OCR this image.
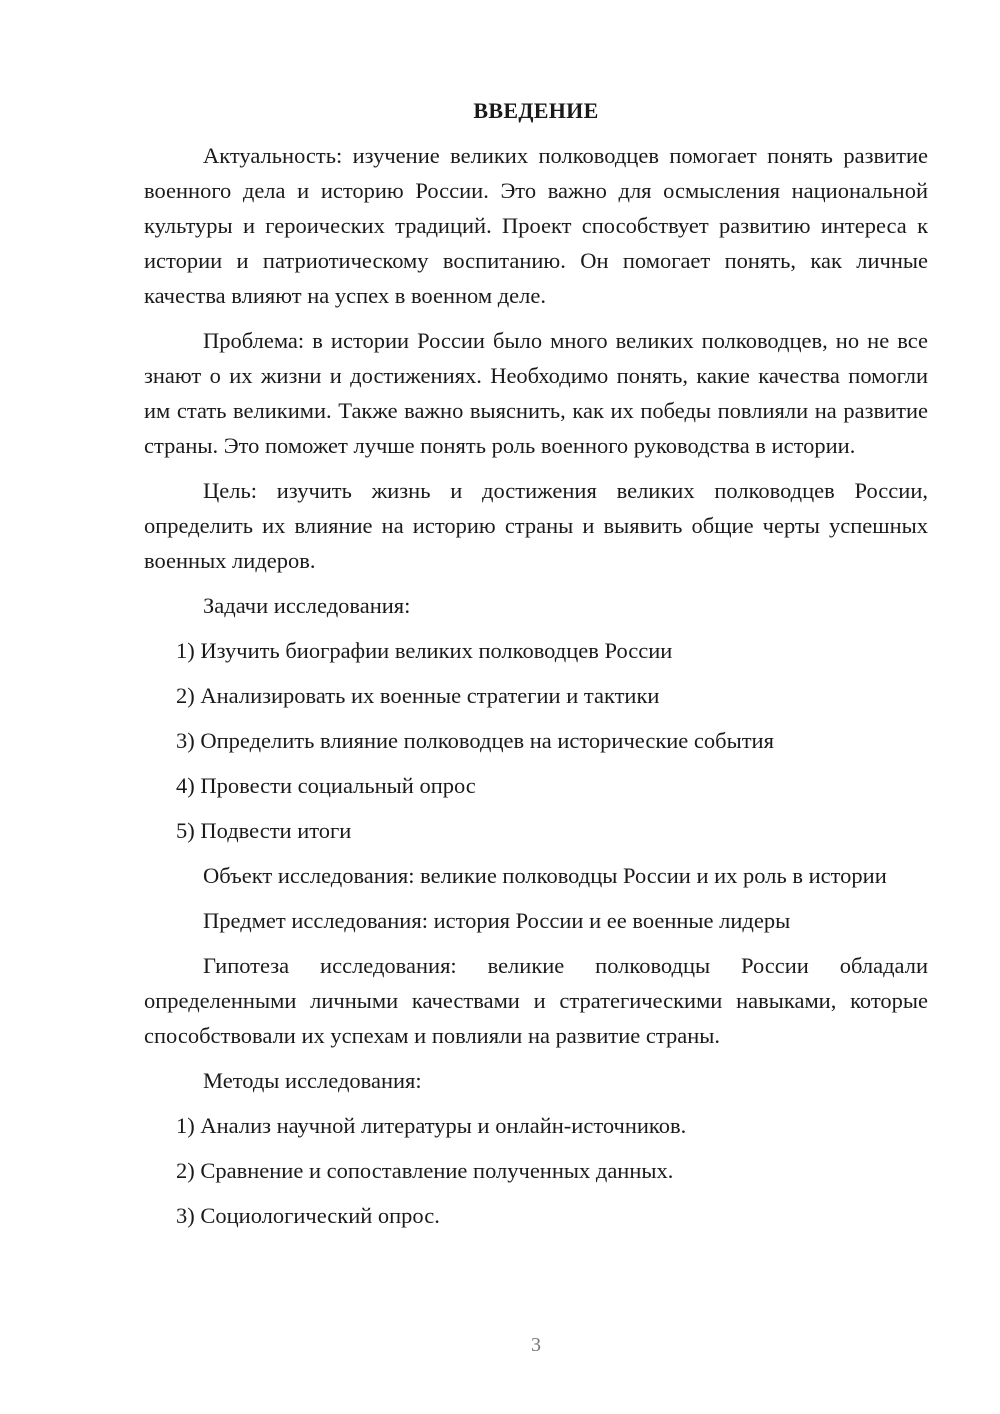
ВВЕДЕНИЕ

Актуальность: изучение великих полководцев помогает понять развитие военного дела и историю России. Это важно для осмысления национальной культуры и героических традиций. Проект способствует развитию интереса к истории и патриотическому воспитанию. Он помогает понять, как личные качества влияют на успех в военном деле.

Проблема: в истории России было много великих полководцев, но не все знают о их жизни и достижениях. Необходимо понять, какие качества помогли им стать великими. Также важно выяснить, как их победы повлияли на развитие страны. Это поможет лучше понять роль военного руководства в истории.

Цель: изучить жизнь и достижения великих полководцев России, определить их влияние на историю страны и выявить общие черты успешных военных лидеров.

Задачи исследования:

1) Изучить биографии великих полководцев России
2) Анализировать их военные стратегии и тактики
3) Определить влияние полководцев на исторические события
4) Провести социальный опрос
5) Подвести итоги

Объект исследования: великие полководцы России и их роль в истории

Предмет исследования: история России и ее военные лидеры

Гипотеза исследования: великие полководцы России обладали определенными личными качествами и стратегическими навыками, которые способствовали их успехам и повлияли на развитие страны.

Методы исследования:

1) Анализ научной литературы и онлайн-источников.
2) Сравнение и сопоставление полученных данных.
3) Социологический опрос.
3
